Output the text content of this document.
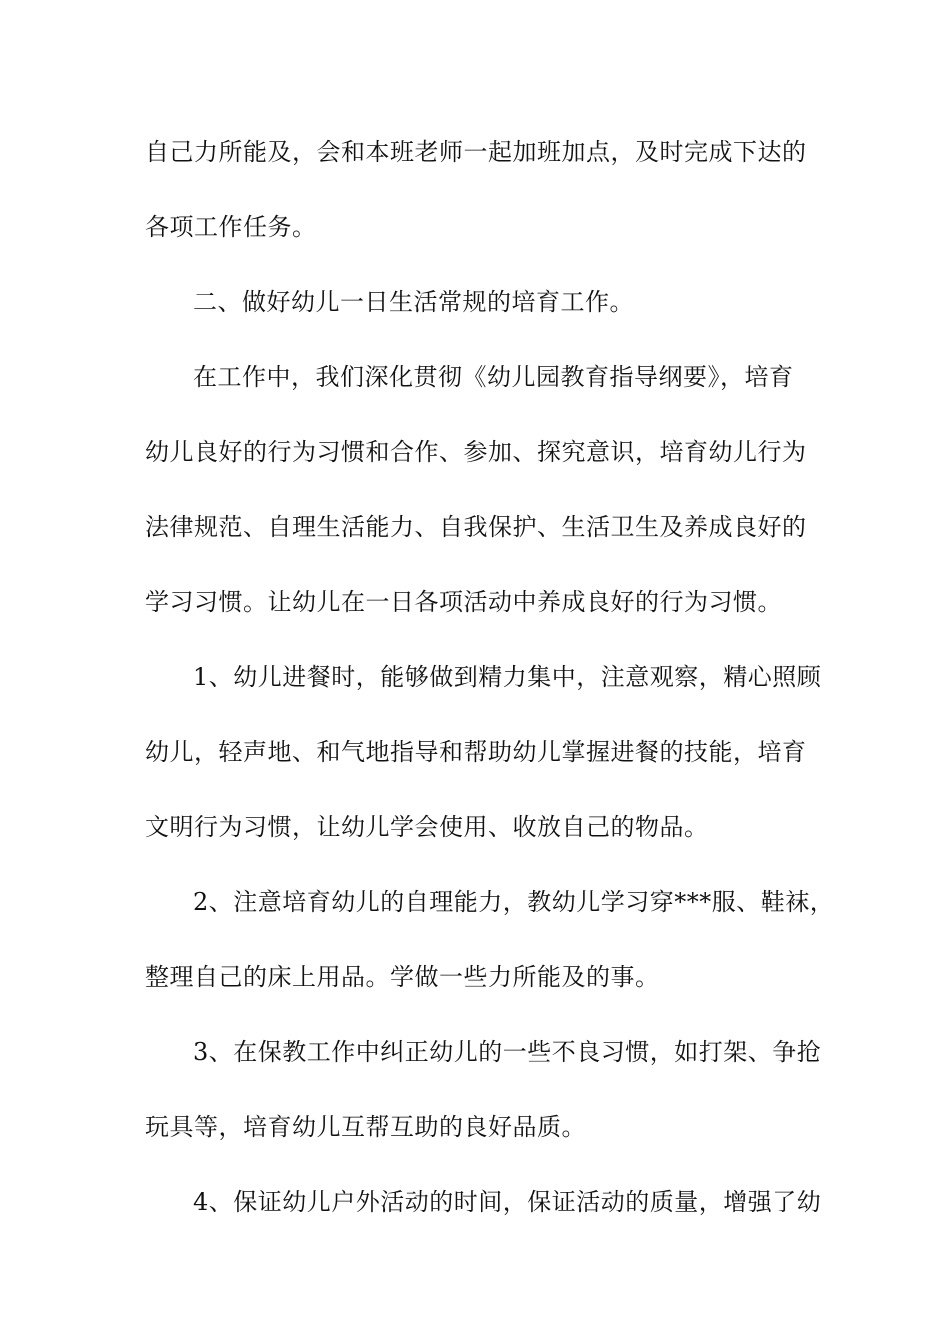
自己力所能及，会和本班老师一起加班加点，及时完成下达的
各项工作任务。
二、做好幼儿一日生活常规的培育工作。
在工作中，我们深化贯彻《幼儿园教育指导纲要》，培育
幼儿良好的行为习惯和合作、参加、探究意识，培育幼儿行为
法律规范、自理生活能力、自我保护、生活卫生及养成良好的
学习习惯。让幼儿在一日各项活动中养成良好的行为习惯。
1、幼儿进餐时，能够做到精力集中，注意观察，精心照顾
幼儿，轻声地、和气地指导和帮助幼儿掌握进餐的技能，培育
文明行为习惯，让幼儿学会使用、收放自己的物品。
2、注意培育幼儿的自理能力，教幼儿学习穿***服、鞋袜，
整理自己的床上用品。学做一些力所能及的事。
3、在保教工作中纠正幼儿的一些不良习惯，如打架、争抢
玩具等，培育幼儿互帮互助的良好品质。
4、保证幼儿户外活动的时间，保证活动的质量，增强了幼
